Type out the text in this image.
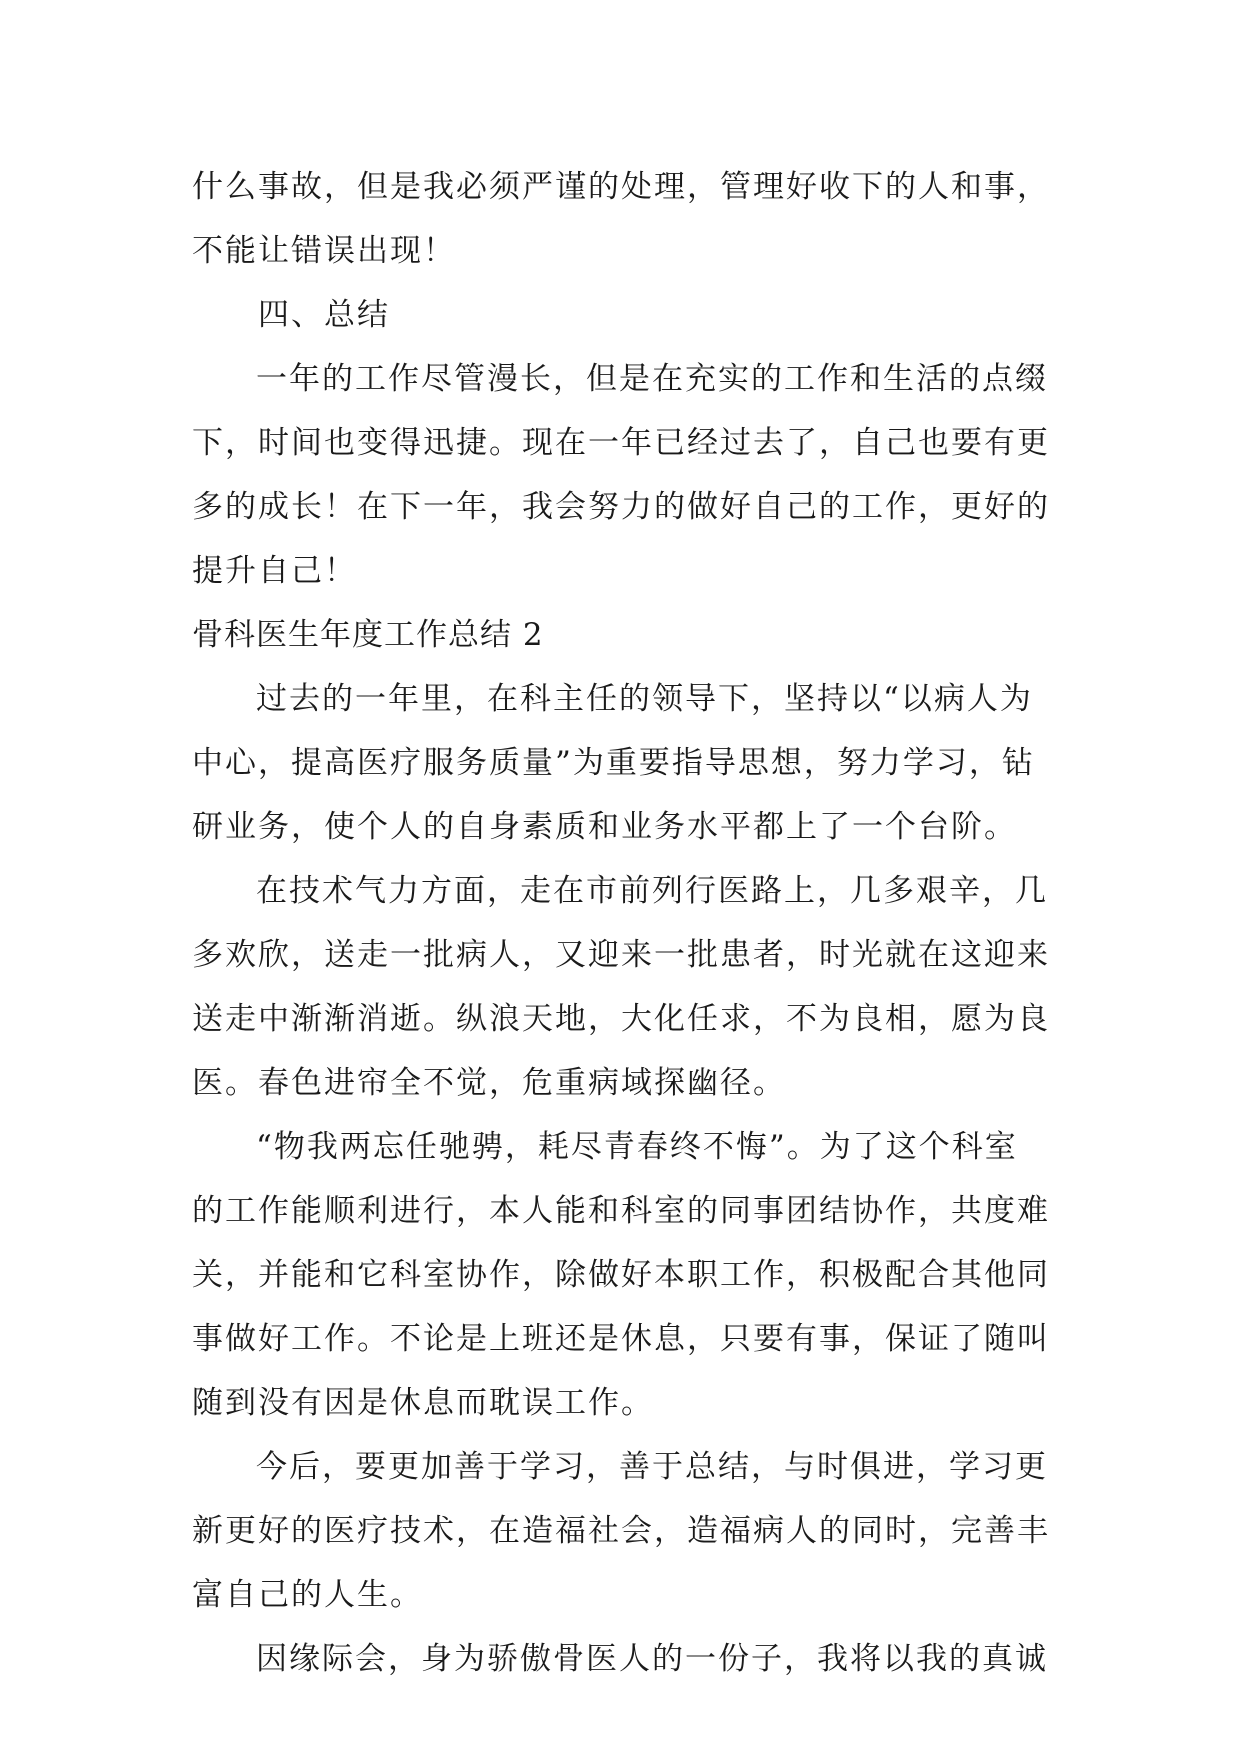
什么事故，但是我必须严谨的处理，管理好收下的人和事，
不能让错误出现！
四、总结
一年的工作尽管漫长，但是在充实的工作和生活的点缀
下，时间也变得迅捷。现在一年已经过去了，自己也要有更
多的成长！在下一年，我会努力的做好自己的工作，更好的
提升自己！
骨科医生年度工作总结 2
过去的一年里，在科主任的领导下，坚持以“以病人为
中心，提高医疗服务质量”为重要指导思想，努力学习，钻
研业务，使个人的自身素质和业务水平都上了一个台阶。
在技术气力方面，走在市前列行医路上，几多艰辛，几
多欢欣，送走一批病人，又迎来一批患者，时光就在这迎来
送走中渐渐消逝。纵浪天地，大化任求，不为良相，愿为良
医。春色进帘全不觉，危重病域探幽径。
“物我两忘任驰骋，耗尽青春终不悔”。为了这个科室
的工作能顺利进行，本人能和科室的同事团结协作，共度难
关，并能和它科室协作，除做好本职工作，积极配合其他同
事做好工作。不论是上班还是休息，只要有事，保证了随叫
随到没有因是休息而耽误工作。
今后，要更加善于学习，善于总结，与时俱进，学习更
新更好的医疗技术，在造福社会，造福病人的同时，完善丰
富自己的人生。
因缘际会，身为骄傲骨医人的一份子，我将以我的真诚
